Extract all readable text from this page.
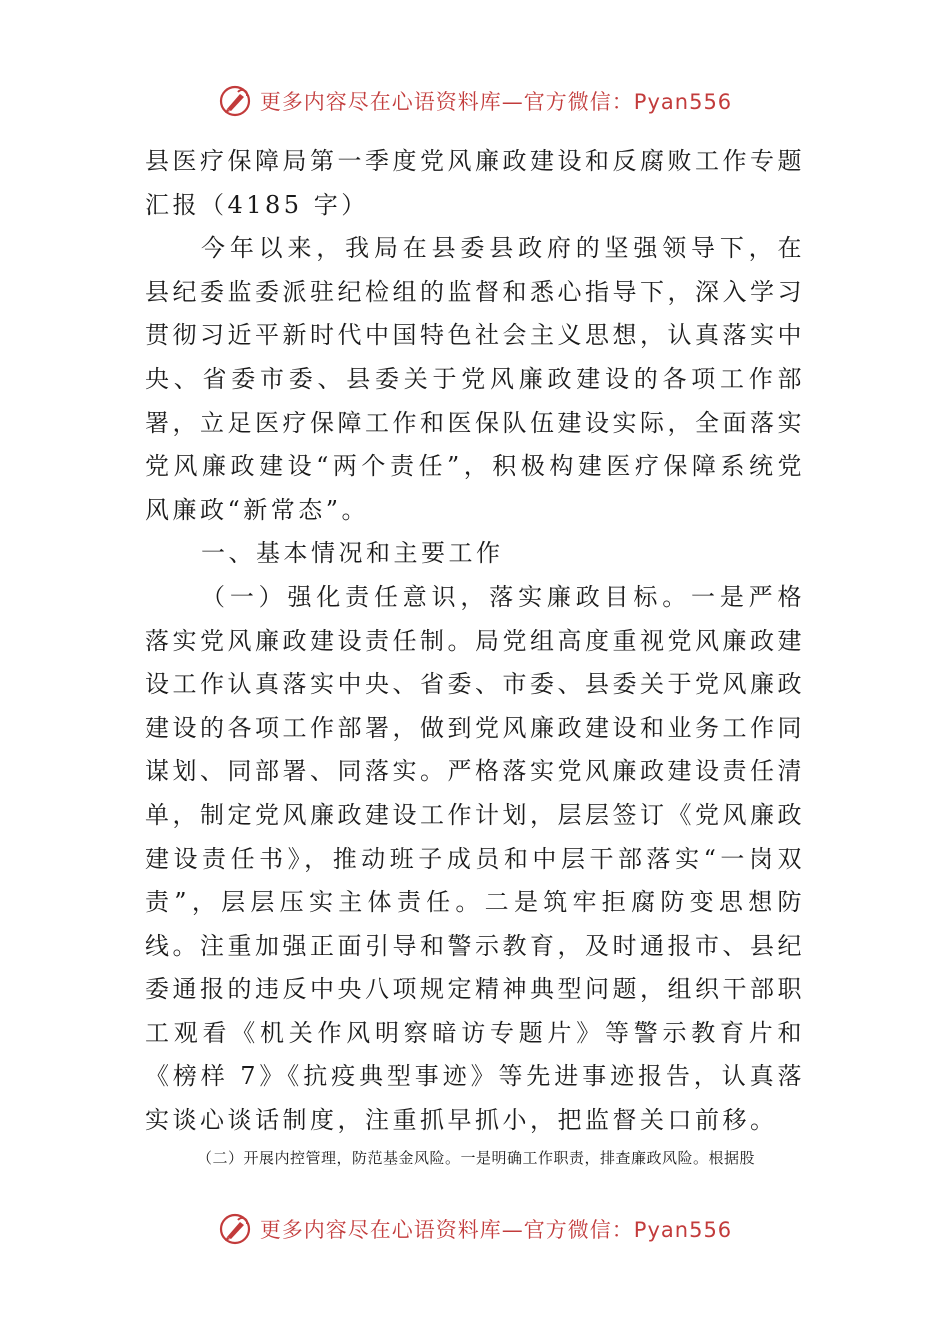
更多内容尽在心语资料库—官方微信：Pyan556

县医疗保障局第一季度党风廉政建设和反腐败工作专题汇报（4185 字）

今年以来，我局在县委县政府的坚强领导下，在县纪委监委派驻纪检组的监督和悉心指导下，深入学习贯彻习近平新时代中国特色社会主义思想，认真落实中央、省委市委、县委关于党风廉政建设的各项工作部署，立足医疗保障工作和医保队伍建设实际，全面落实党风廉政建设“两个责任”，积极构建医疗保障系统党风廉政“新常态”。

一、基本情况和主要工作

（一）强化责任意识，落实廉政目标。一是严格落实党风廉政建设责任制。局党组高度重视党风廉政建设工作认真落实中央、省委、市委、县委关于党风廉政建设的各项工作部署，做到党风廉政建设和业务工作同谋划、同部署、同落实。严格落实党风廉政建设责任清单，制定党风廉政建设工作计划，层层签订《党风廉政建设责任书》，推动班子成员和中层干部落实“一岗双责”，层层压实主体责任。二是筑牢拒腐防变思想防线。注重加强正面引导和警示教育，及时通报市、县纪委通报的违反中央八项规定精神典型问题，组织干部职工观看《机关作风明察暗访专题片》等警示教育片和《榜样 7》《抗疫典型事迹》等先进事迹报告，认真落实谈心谈话制度，注重抓早抓小，把监督关口前移。

（二）开展内控管理，防范基金风险。一是明确工作职责，排查廉政风险。根据股
更多内容尽在心语资料库—官方微信：Pyan556
